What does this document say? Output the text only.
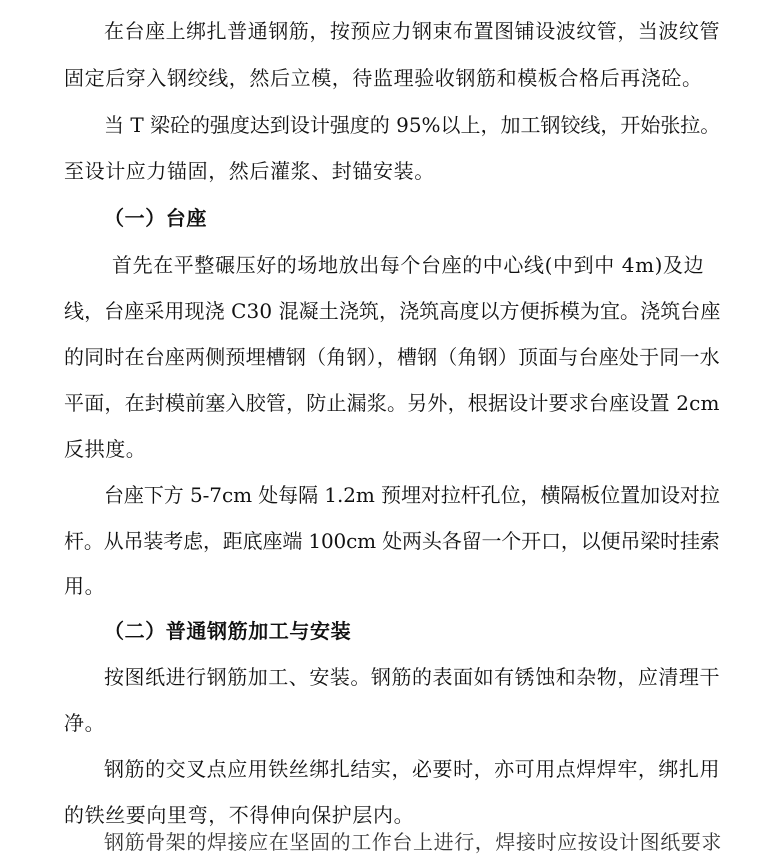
在台座上绑扎普通钢筋，按预应力钢束布置图铺设波纹管，当波纹管
固定后穿入钢绞线，然后立模，待监理验收钢筋和模板合格后再浇砼。
当 T 梁砼的强度达到设计强度的 95%以上，加工钢铰线，开始张拉。
至设计应力锚固，然后灌浆、封锚安装。
（一）台座
首先在平整碾压好的场地放出每个台座的中心线(中到中 4m)及边
线，台座采用现浇 C30 混凝土浇筑，浇筑高度以方便拆模为宜。浇筑台座
的同时在台座两侧预埋槽钢（角钢），槽钢（角钢）顶面与台座处于同一水
平面，在封模前塞入胶管，防止漏浆。另外，根据设计要求台座设置 2cm
反拱度。
台座下方 5-7cm 处每隔 1.2m 预埋对拉杆孔位，横隔板位置加设对拉
杆。从吊装考虑，距底座端 100cm 处两头各留一个开口，以便吊梁时挂索
用。
（二）普通钢筋加工与安装
按图纸进行钢筋加工、安装。钢筋的表面如有锈蚀和杂物，应清理干
净。
钢筋的交叉点应用铁丝绑扎结实，必要时，亦可用点焊焊牢，绑扎用
的铁丝要向里弯，不得伸向保护层内。
钢筋骨架的焊接应在坚固的工作台上进行，焊接时应按设计图纸要求
